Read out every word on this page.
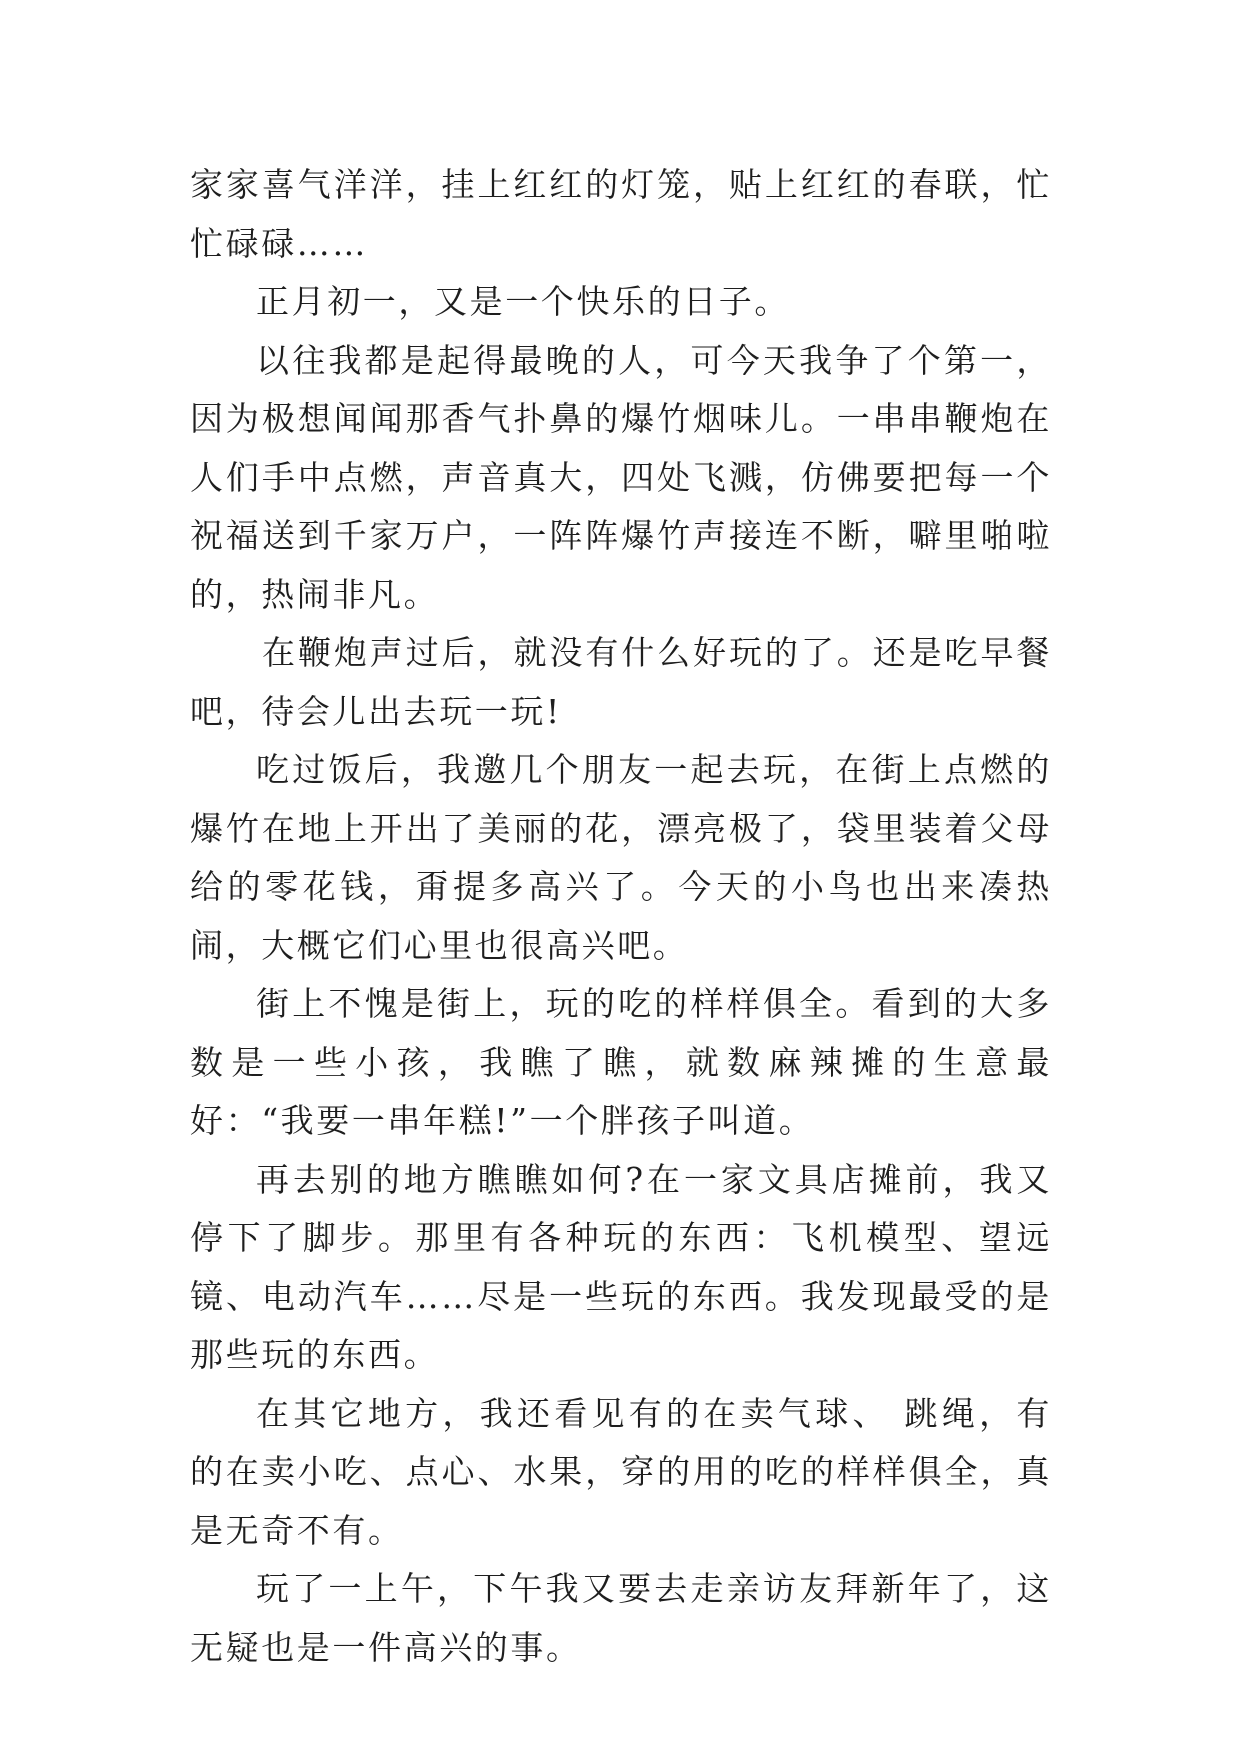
家家喜气洋洋，挂上红红的灯笼，贴上红红的春联，忙忙碌碌……

正月初一，又是一个快乐的日子。

以往我都是起得最晚的人，可今天我争了个第一，因为极想闻闻那香气扑鼻的爆竹烟味儿。一串串鞭炮在人们手中点燃，声音真大，四处飞溅，仿佛要把每一个祝福送到千家万户，一阵阵爆竹声接连不断，噼里啪啦的，热闹非凡。

在鞭炮声过后，就没有什么好玩的了。还是吃早餐吧，待会儿出去玩一玩!

吃过饭后，我邀几个朋友一起去玩，在街上点燃的爆竹在地上开出了美丽的花，漂亮极了，袋里装着父母给的零花钱，甭提多高兴了。今天的小鸟也出来凑热闹，大概它们心里也很高兴吧。

街上不愧是街上，玩的吃的样样俱全。看到的大多数是一些小孩，我瞧了瞧，就数麻辣摊的生意最好：“我要一串年糕!”一个胖孩子叫道。

再去别的地方瞧瞧如何?在一家文具店摊前，我又停下了脚步。那里有各种玩的东西：飞机模型、望远镜、电动汽车……尽是一些玩的东西。我发现最受的是那些玩的东西。

在其它地方，我还看见有的在卖气球、 跳绳，有的在卖小吃、点心、水果，穿的用的吃的样样俱全，真是无奇不有。

玩了一上午，下午我又要去走亲访友拜新年了，这无疑也是一件高兴的事。
